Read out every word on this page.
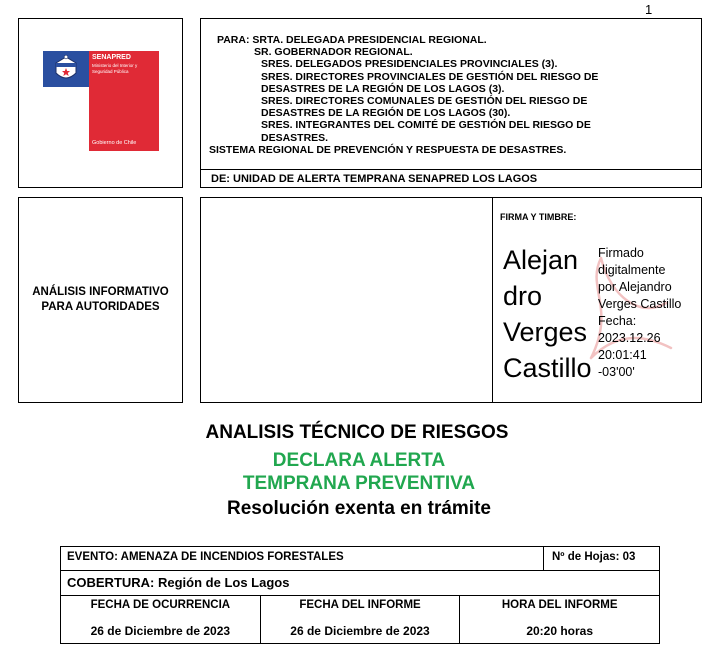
1
SENAPRED
Ministerio del Interior y Seguridad Pública
Gobierno de Chile
PARA: SRTA. DELEGADA PRESIDENCIAL REGIONAL.
SR. GOBERNADOR REGIONAL.
SRES. DELEGADOS PRESIDENCIALES PROVINCIALES (3).
SRES. DIRECTORES PROVINCIALES DE GESTIÓN DEL RIESGO DE
DESASTRES DE LA REGIÓN DE LOS LAGOS (3).
SRES. DIRECTORES COMUNALES DE GESTIÓN DEL RIESGO DE
DESASTRES DE LA REGIÓN DE LOS LAGOS (30).
SRES. INTEGRANTES DEL COMITÉ DE GESTIÓN DEL RIESGO DE
DESASTRES.
SISTEMA REGIONAL DE PREVENCIÓN Y RESPUESTA DE DESASTRES.
DE: UNIDAD DE ALERTA TEMPRANA SENAPRED LOS LAGOS
ANÁLISIS INFORMATIVO PARA AUTORIDADES
FIRMA Y TIMBRE:
Alejan
dro
Verges
Castillo
Firmado
digitalmente
por Alejandro
Verges Castillo
Fecha:
2023.12.26
20:01:41
-03'00'
ANALISIS TÉCNICO DE RIESGOS
DECLARA ALERTA
TEMPRANA PREVENTIVA
Resolución exenta en trámite
EVENTO: AMENAZA DE INCENDIOS FORESTALES	Nº de Hojas: 03
COBERTURA: Región de Los Lagos
FECHA DE OCURRENCIA
26 de Diciembre de 2023
FECHA DEL INFORME
26 de Diciembre de 2023
HORA DEL INFORME
20:20 horas
